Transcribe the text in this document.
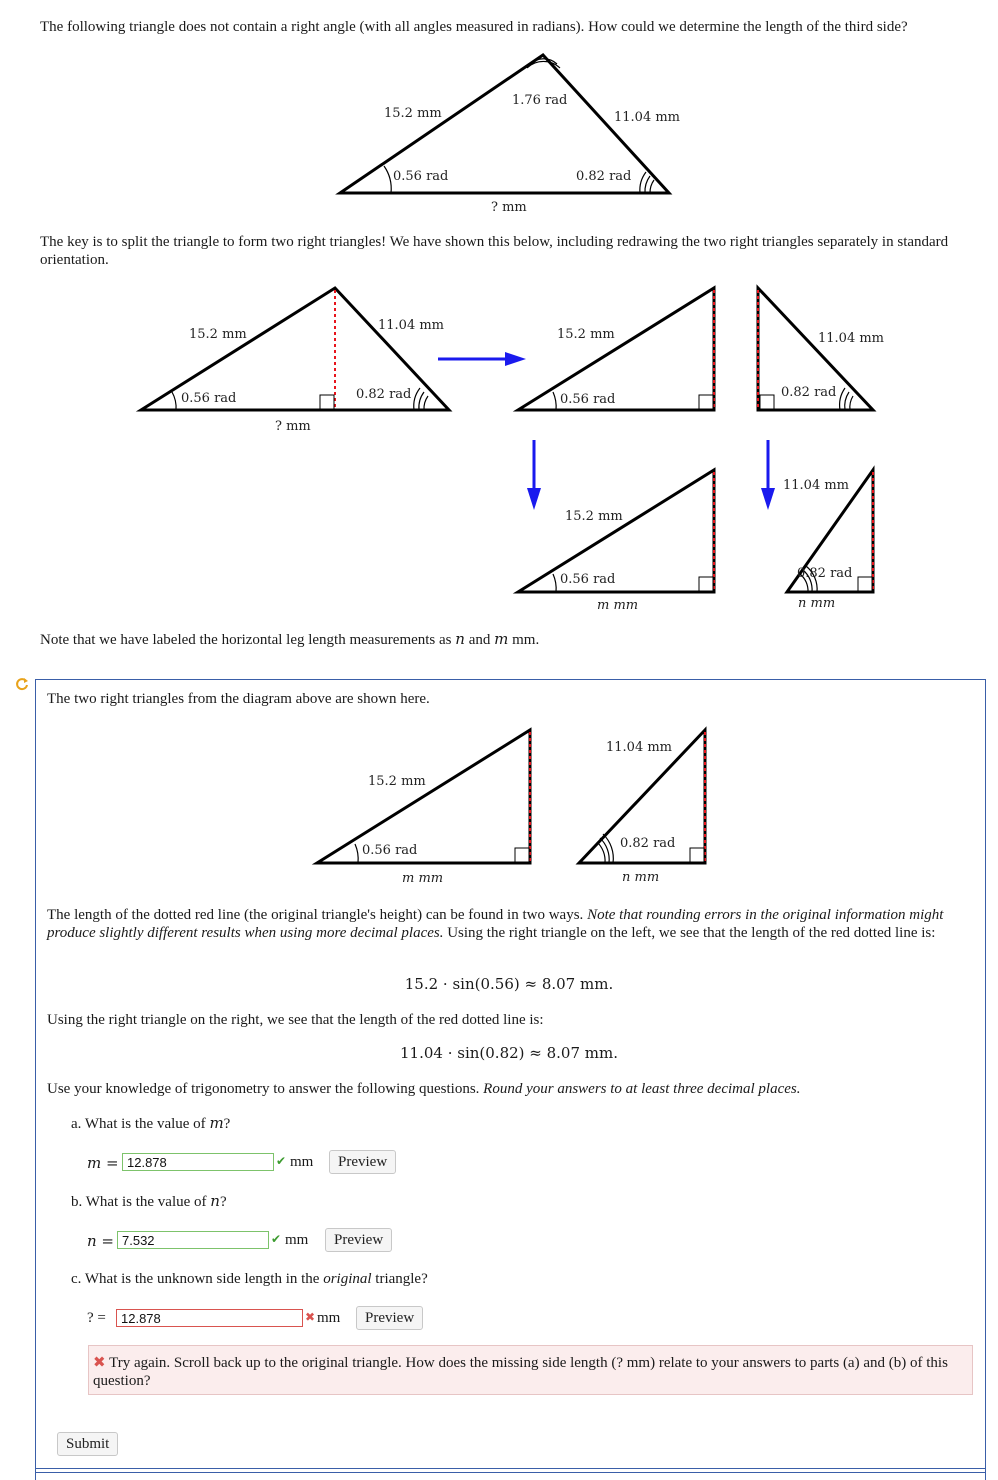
The following triangle does not contain a right angle (with all angles measured in radians). How could we determine the length of the third side?

15.2 mm
1.76 rad
11.04 mm
0.56 rad	0.82 rad
? mm

The key is to split the triangle to form two right triangles! We have shown this below, including redrawing the two right triangles separately in standard orientation.

15.2 mm
11.04 mm
0.56 rad	0.82 rad
? mm
15.2 mm
0.56 rad
11.04 mm
0.82 rad
15.2 mm
0.56 rad
m mm
11.04 mm
0.82 rad
n mm

Note that we have labeled the horizontal leg length measurements as n and m mm.

The two right triangles from the diagram above are shown here.

15.2 mm
0.56 rad
m mm
11.04 mm
0.82 rad
n mm

The length of the dotted red line (the original triangle's height) can be found in two ways. Note that rounding errors in the original information might produce slightly different results when using more decimal places. Using the right triangle on the left, we see that the length of the red dotted line is:

15.2 · sin(0.56) ≈ 8.07 mm.

Using the right triangle on the right, we see that the length of the red dotted line is:

11.04 · sin(0.82) ≈ 8.07 mm.

Use your knowledge of trigonometry to answer the following questions. Round your answers to at least three decimal places.

a. What is the value of m?

m =
12.878	✔ mm	Preview

b. What is the value of n?

n =
7.532	✔ mm	Preview

c. What is the unknown side length in the original triangle?

? =
12.878	✖ mm	Preview
✖ Try again. Scroll back up to the original triangle. How does the missing side length (? mm) relate to your answers to parts (a) and (b) of this question?
Submit
